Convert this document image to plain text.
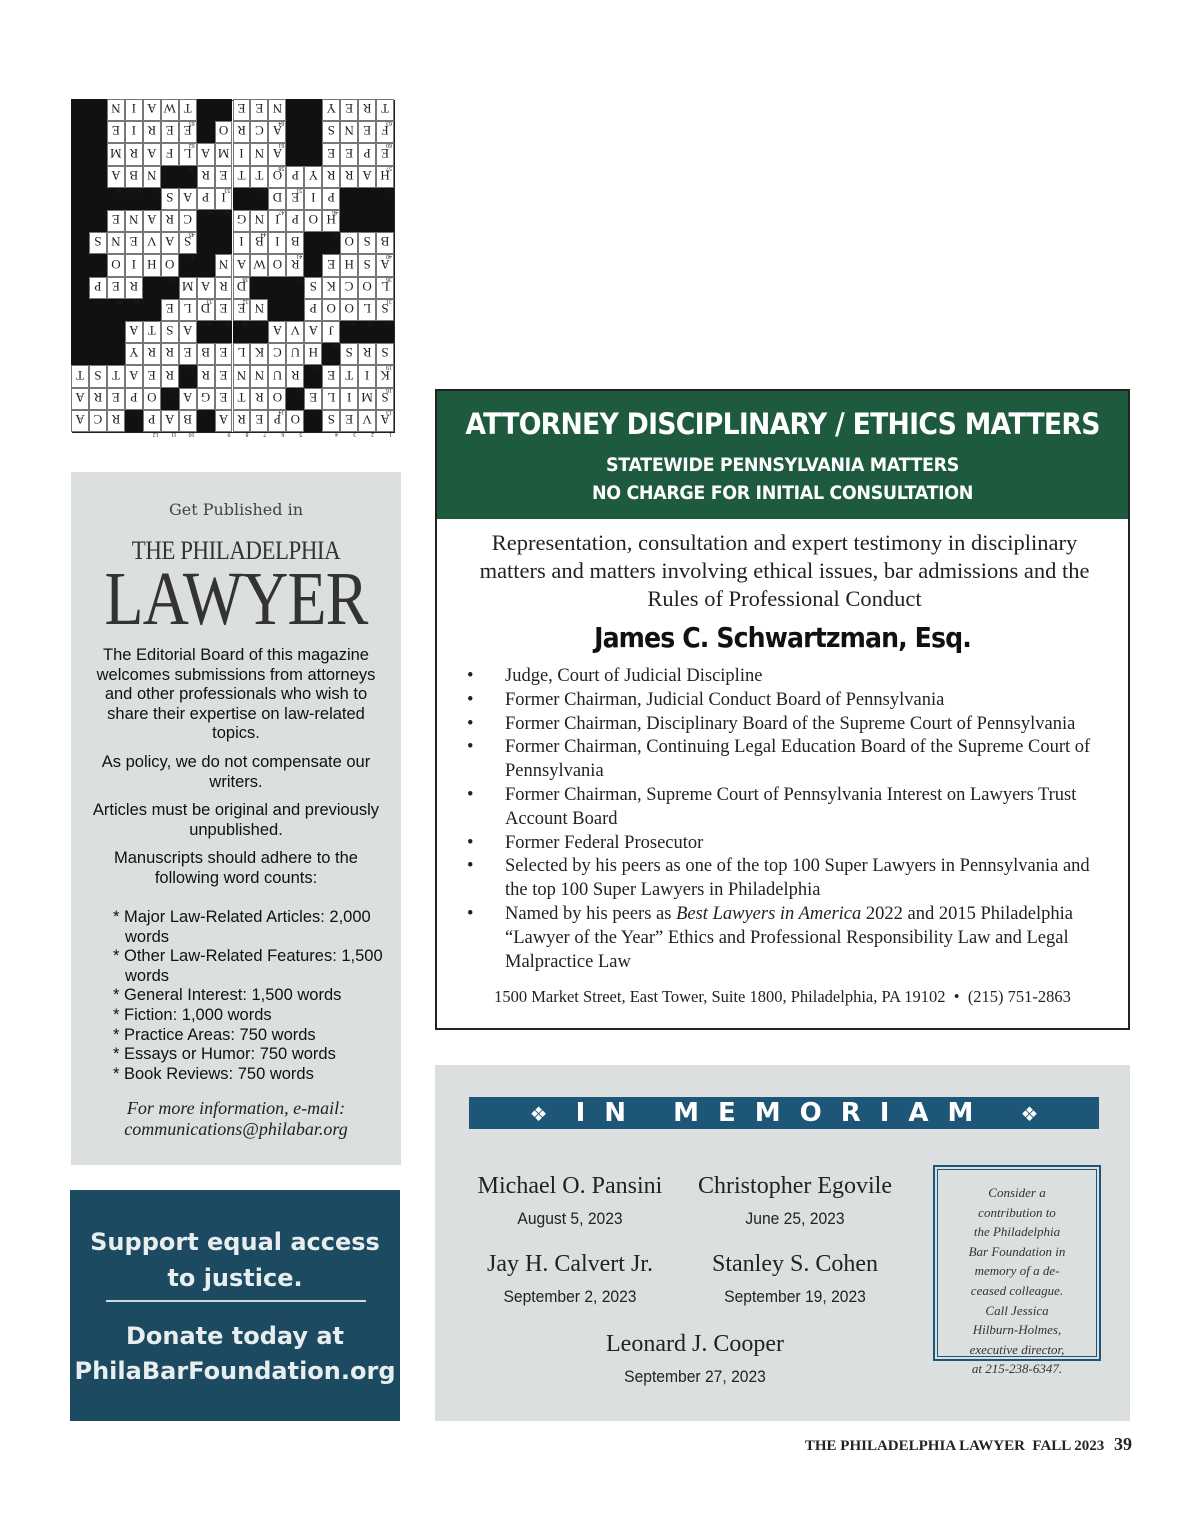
1
A
2
V
3
E
4
S
5
O
6
P
7
E
8
R
9
A
10
B
11
A
12
P
R
C
A
13
S
M
I
L
E
14
O
R
T
E
G
A
O
15
P
E
R
A
16
K
I
T
E
17
R
U
N
N
E
R
18
R
E
A
T
S
T
19
S
R
S
20
H
U
C
K
L
E
B
21
E
R
R
Y
22
J
A
V
A
A
S
T
A
24
S
25
L
26
O
O
P
27
N
28
E
29
E
30
D
L
E
31
L
O
C
K
S
32
D
R
33
A
M
34
R
35
E
P
36
A
S
H
E
37
R
O
W
38
A
N
39
O
H
I
O
40
B
S
O
41
B
I
B
I
42
S
A
V
E
N
S
43
H
O
P
I
44
N
G
45
C
R
A
N
E
46
P
I
E
47
D
48
I
49
P
A
S
50
H
A
R
R
Y
51
P
O
52
T
T
53
E
R
54
N
55
B
56
A
57
E
P
E
E
58
A
N
I
M
A
59
L
F
A
R
M
60
F
E
N
S
61
A
C
R
O
62
E
E
R
I
E
63
T
R
E
Y
64
N
E
E
65
T
W
A
I
N
Get Published in
THE PHILADELPHIA
LAWYER
The Editorial Board of this magazine welcomes submissions from attorneys and other professionals who wish to share their expertise on law-related topics.
As policy, we do not compensate our writers.
Articles must be original and previously unpublished.
Manuscripts should adhere to the following word counts:
* Major Law-Related Articles: 2,000 words
* Other Law-Related Features: 1,500 words
* General Interest: 1,500 words
* Fiction: 1,000 words
* Practice Areas: 750 words
* Essays or Humor: 750 words
* Book Reviews: 750 words
For more information, e-mail:
communications@philabar.org
Support equal access
to justice.
Donate today at
PhilaBarFoundation.org
ATTORNEY DISCIPLINARY / ETHICS MATTERS
STATEWIDE PENNSYLVANIA MATTERS
NO CHARGE FOR INITIAL CONSULTATION
Representation, consultation and expert testimony in disciplinary matters and matters involving ethical issues, bar admissions and the Rules of Professional Conduct
James C. Schwartzman, Esq.
• Judge, Court of Judicial Discipline
• Former Chairman, Judicial Conduct Board of Pennsylvania
• Former Chairman, Disciplinary Board of the Supreme Court of Pennsylvania
• Former Chairman, Continuing Legal Education Board of the Supreme Court of Pennsylvania
• Former Chairman, Supreme Court of Pennsylvania Interest on Lawyers Trust Account Board
• Former Federal Prosecutor
• Selected by his peers as one of the top 100 Super Lawyers in Pennsylvania and the top 100 Super Lawyers in Philadelphia
• Named by his peers as Best Lawyers in America 2022 and 2015 Philadelphia “Lawyer of the Year” Ethics and Professional Responsibility Law and Legal Malpractice Law
1500 Market Street, East Tower, Suite 1800, Philadelphia, PA 19102 • (215) 751-2863
❖ IN MEMORIAM ❖
Michael O. Pansini
August 5, 2023
Christopher Egovile
June 25, 2023
Jay H. Calvert Jr.
September 2, 2023
Stanley S. Cohen
September 19, 2023
Leonard J. Cooper
September 27, 2023
Consider a
contribution to
the Philadelphia
Bar Foundation in
memory of a de-
ceased colleague.
Call Jessica
Hilburn-Holmes,
executive director,
at 215-238-6347.
THE PHILADELPHIA LAWYER FALL 2023 39
